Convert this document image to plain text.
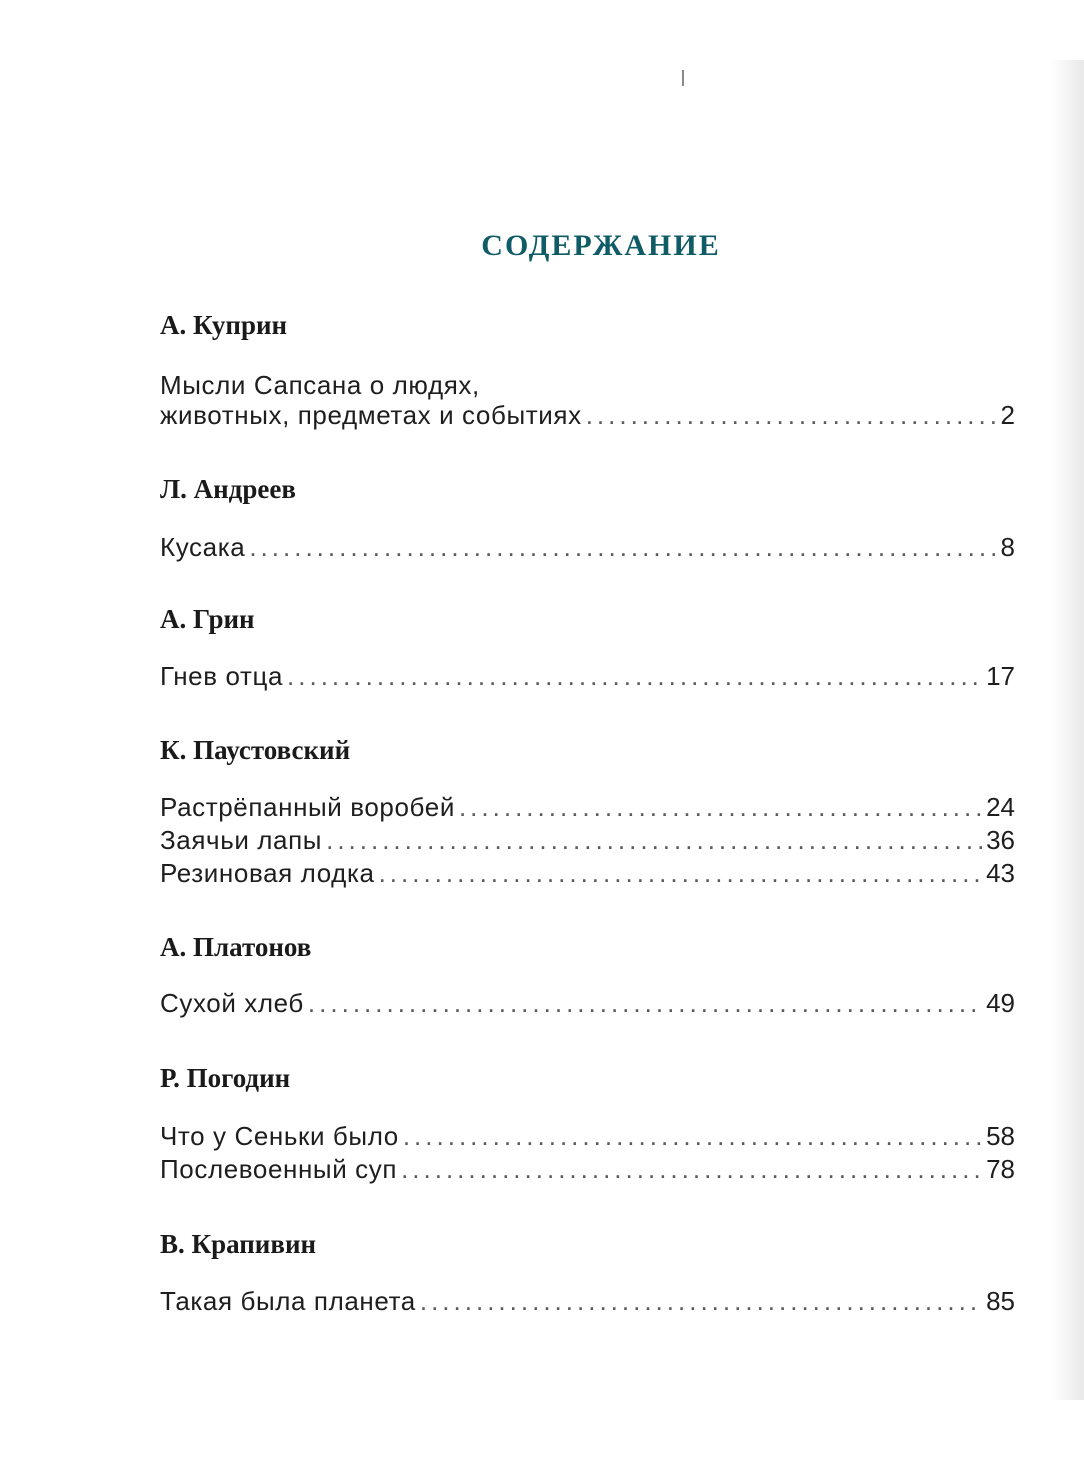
СОДЕРЖАНИЕ
А. Куприн
Мысли Сапсана о людях,
животных, предметах и событиях .....	2
Л. Андреев
Кусака .....	8
А. Грин
Гнев отца .....	17
К. Паустовский
Растрёпанный воробей .....	24
Заячьи лапы .....	36
Резиновая лодка .....	43
А. Платонов
Сухой хлеб .....	49
Р. Погодин
Что у Сеньки было .....	58
Послевоенный суп .....	78
В. Крапивин
Такая была планета .....	85
